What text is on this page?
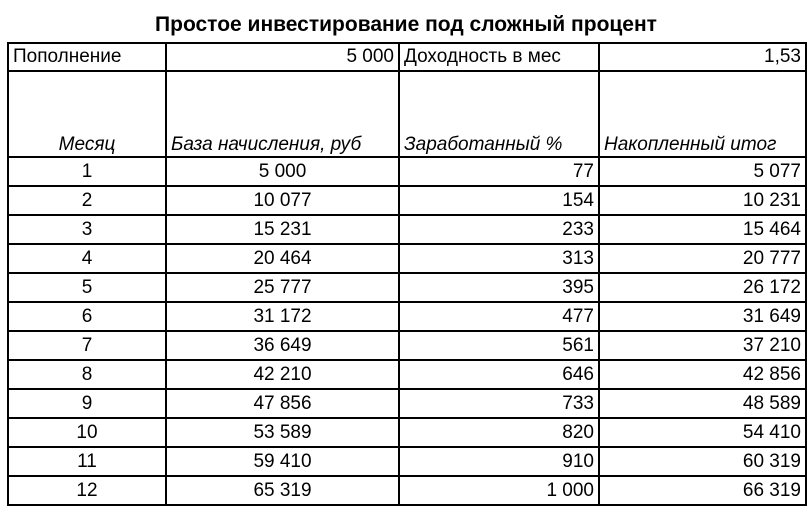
Простое инвестирование под сложный процент
Пополнение	5 000	Доходность в мес	1,53
Месяц	База начисления, руб	Заработанный %	Накопленный итог
1	5 000	77	5 077
2	10 077	154	10 231
3	15 231	233	15 464
4	20 464	313	20 777
5	25 777	395	26 172
6	31 172	477	31 649
7	36 649	561	37 210
8	42 210	646	42 856
9	47 856	733	48 589
10	53 589	820	54 410
11	59 410	910	60 319
12	65 319	1 000	66 319
